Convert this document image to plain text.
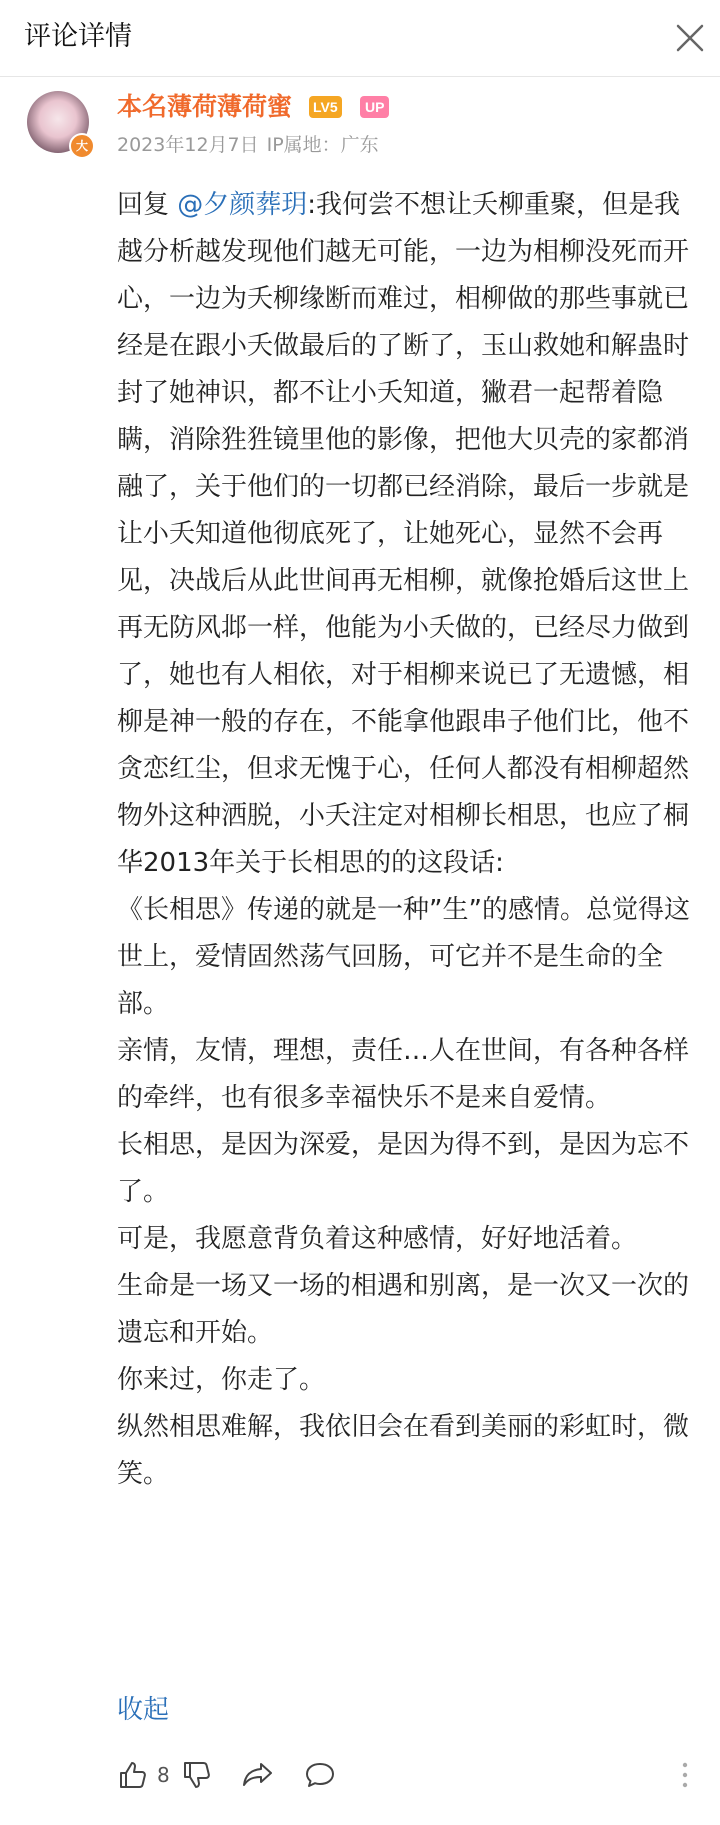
评论详情
大
本名薄荷薄荷蜜 LV5	UP
2023年12月7日 IP属地：广东

回复 @夕颜葬玥:我何尝不想让夭柳重聚，但是我越分析越发现他们越无可能，一边为相柳没死而开心，一边为夭柳缘断而难过，相柳做的那些事就已经是在跟小夭做最后的了断了，玉山救她和解蛊时封了她神识，都不让小夭知道，獙君一起帮着隐瞒，消除狌狌镜里他的影像，把他大贝壳的家都消融了，关于他们的一切都已经消除，最后一步就是让小夭知道他彻底死了，让她死心，显然不会再见，决战后从此世间再无相柳，就像抢婚后这世上再无防风邶一样，他能为小夭做的，已经尽力做到了，她也有人相依，对于相柳来说已了无遗憾，相柳是神一般的存在，不能拿他跟串子他们比，他不贪恋红尘，但求无愧于心，任何人都没有相柳超然物外这种洒脱，小夭注定对相柳长相思，也应了桐华2013年关于长相思的的这段话:

《长相思》传递的就是一种”生”的感情。总觉得这世上，爱情固然荡气回肠，可它并不是生命的全部。

亲情，友情，理想，责任…人在世间，有各种各样的牵绊，也有很多幸福快乐不是来自爱情。

长相思，是因为深爱，是因为得不到，是因为忘不了。

可是，我愿意背负着这种感情，好好地活着。

生命是一场又一场的相遇和别离，是一次又一次的遗忘和开始。

你来过，你走了。

纵然相思难解，我依旧会在看到美丽的彩虹时，微笑。

收起
8
